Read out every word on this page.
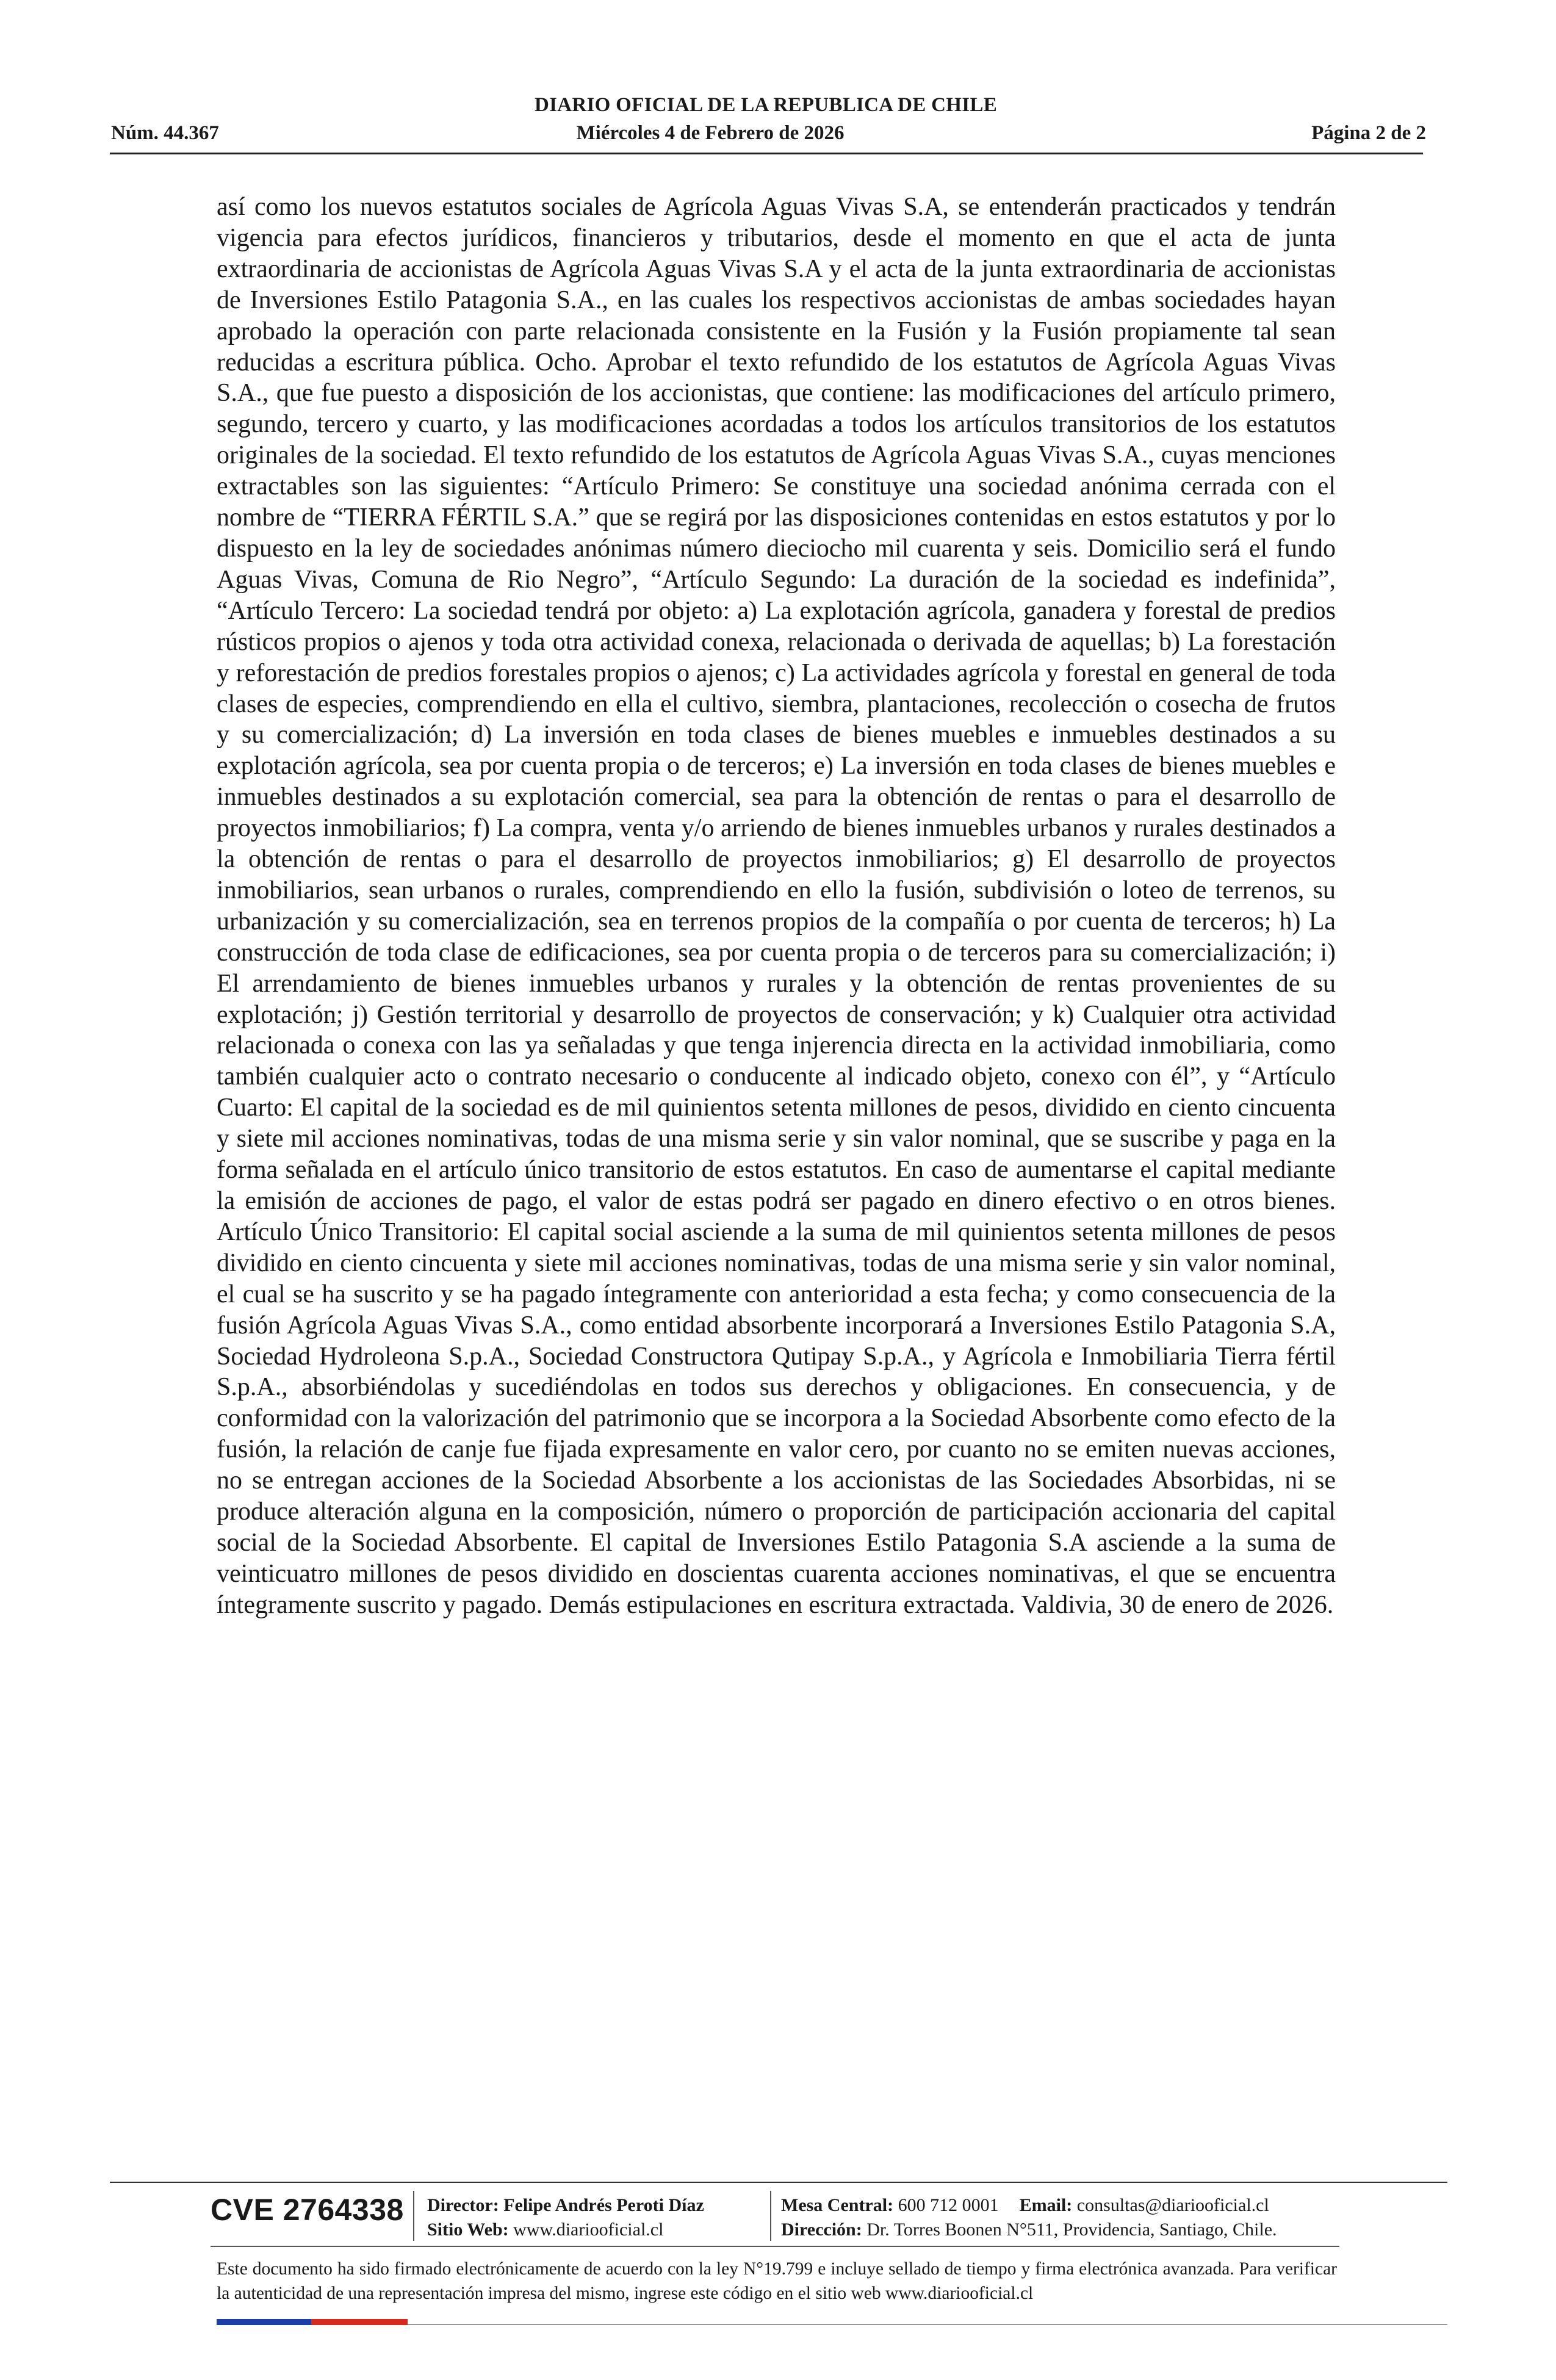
DIARIO OFICIAL DE LA REPUBLICA DE CHILE
Núm. 44.367	Miércoles 4 de Febrero de 2026	Página 2 de 2

así como los nuevos estatutos sociales de Agrícola Aguas Vivas S.A, se entenderán practicados y tendrán vigencia para efectos jurídicos, financieros y tributarios, desde el momento en que el acta de junta extraordinaria de accionistas de Agrícola Aguas Vivas S.A y el acta de la junta extraordinaria de accionistas de Inversiones Estilo Patagonia S.A., en las cuales los respectivos accionistas de ambas sociedades hayan aprobado la operación con parte relacionada consistente en la Fusión y la Fusión propiamente tal sean reducidas a escritura pública. Ocho. Aprobar el texto refundido de los estatutos de Agrícola Aguas Vivas S.A., que fue puesto a disposición de los accionistas, que contiene: las modificaciones del artículo primero, segundo, tercero y cuarto, y las modificaciones acordadas a todos los artículos transitorios de los estatutos originales de la sociedad. El texto refundido de los estatutos de Agrícola Aguas Vivas S.A., cuyas menciones extractables son las siguientes: “Artículo Primero: Se constituye una sociedad anónima cerrada con el nombre de “TIERRA FÉRTIL S.A.” que se regirá por las disposiciones contenidas en estos estatutos y por lo dispuesto en la ley de sociedades anónimas número dieciocho mil cuarenta y seis. Domicilio será el fundo Aguas Vivas, Comuna de Rio Negro”, “Artículo Segundo: La duración de la sociedad es indefinida”, “Artículo Tercero: La sociedad tendrá por objeto: a) La explotación agrícola, ganadera y forestal de predios rústicos propios o ajenos y toda otra actividad conexa, relacionada o derivada de aquellas; b) La forestación y reforestación de predios forestales propios o ajenos; c) La actividades agrícola y forestal en general de toda clases de especies, comprendiendo en ella el cultivo, siembra, plantaciones, recolección o cosecha de frutos y su comercialización; d) La inversión en toda clases de bienes muebles e inmuebles destinados a su explotación agrícola, sea por cuenta propia o de terceros; e) La inversión en toda clases de bienes muebles e inmuebles destinados a su explotación comercial, sea para la obtención de rentas o para el desarrollo de proyectos inmobiliarios; f) La compra, venta y/o arriendo de bienes inmuebles urbanos y rurales destinados a la obtención de rentas o para el desarrollo de proyectos inmobiliarios; g) El desarrollo de proyectos inmobiliarios, sean urbanos o rurales, comprendiendo en ello la fusión, subdivisión o loteo de terrenos, su urbanización y su comercialización, sea en terrenos propios de la compañía o por cuenta de terceros; h) La construcción de toda clase de edificaciones, sea por cuenta propia o de terceros para su comercialización; i) El arrendamiento de bienes inmuebles urbanos y rurales y la obtención de rentas provenientes de su explotación; j) Gestión territorial y desarrollo de proyectos de conservación; y k) Cualquier otra actividad relacionada o conexa con las ya señaladas y que tenga injerencia directa en la actividad inmobiliaria, como también cualquier acto o contrato necesario o conducente al indicado objeto, conexo con él”, y “Artículo Cuarto: El capital de la sociedad es de mil quinientos setenta millones de pesos, dividido en ciento cincuenta y siete mil acciones nominativas, todas de una misma serie y sin valor nominal, que se suscribe y paga en la forma señalada en el artículo único transitorio de estos estatutos. En caso de aumentarse el capital mediante la emisión de acciones de pago, el valor de estas podrá ser pagado en dinero efectivo o en otros bienes. Artículo Único Transitorio: El capital social asciende a la suma de mil quinientos setenta millones de pesos dividido en ciento cincuenta y siete mil acciones nominativas, todas de una misma serie y sin valor nominal, el cual se ha suscrito y se ha pagado íntegramente con anterioridad a esta fecha; y como consecuencia de la fusión Agrícola Aguas Vivas S.A., como entidad absorbente incorporará a Inversiones Estilo Patagonia S.A, Sociedad Hydroleona S.p.A., Sociedad Constructora Qutipay S.p.A., y Agrícola e Inmobiliaria Tierra fértil S.p.A., absorbiéndolas y sucediéndolas en todos sus derechos y obligaciones. En consecuencia, y de conformidad con la valorización del patrimonio que se incorpora a la Sociedad Absorbente como efecto de la fusión, la relación de canje fue fijada expresamente en valor cero, por cuanto no se emiten nuevas acciones, no se entregan acciones de la Sociedad Absorbente a los accionistas de las Sociedades Absorbidas, ni se produce alteración alguna en la composición, número o proporción de participación accionaria del capital social de la Sociedad Absorbente. El capital de Inversiones Estilo Patagonia S.A asciende a la suma de veinticuatro millones de pesos dividido en doscientas cuarenta acciones nominativas, el que se encuentra íntegramente suscrito y pagado. Demás estipulaciones en escritura extractada. Valdivia, 30 de enero de 2026.

CVE 2764338 Director: Felipe Andrés Peroti Díaz
Sitio Web: www.diariooficial.cl
Mesa Central: 600 712 0001 Email: consultas@diariooficial.cl
Dirección: Dr. Torres Boonen N°511, Providencia, Santiago, Chile.

Este documento ha sido firmado electrónicamente de acuerdo con la ley N°19.799 e incluye sellado de tiempo y firma electrónica avanzada. Para verificar la autenticidad de una representación impresa del mismo, ingrese este código en el sitio web www.diariooficial.cl
